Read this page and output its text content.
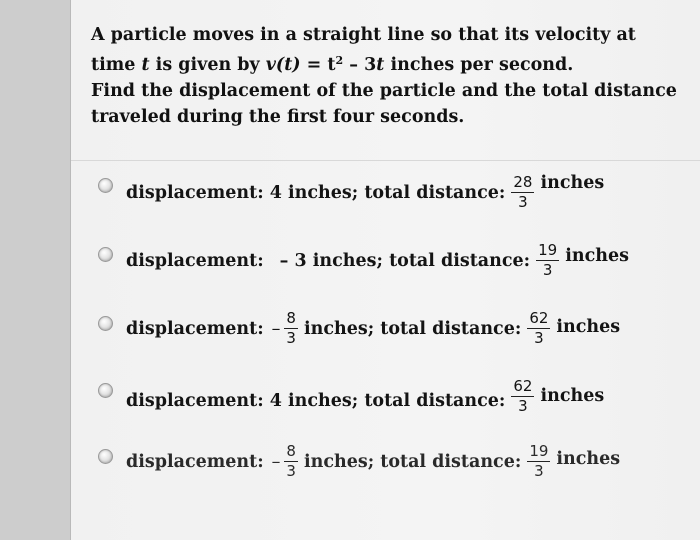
A particle moves in a straight line so that its velocity at
time t is given by $v(t) = t^2 - 3t$ inches per second.
Find the displacement of the particle and the total distance
traveled during the first four seconds.
displacement: 4 inches; total distance: $\frac{28}{3}$ inches
displacement: – 3 inches; total distance: $\frac{19}{3}$ inches
displacement: – $\frac{8}{3}$ inches; total distance: $\frac{62}{3}$ inches
displacement: 4 inches; total distance: $\frac{62}{3}$ inches
displacement: – $\frac{8}{3}$ inches; total distance: $\frac{19}{3}$ inches
